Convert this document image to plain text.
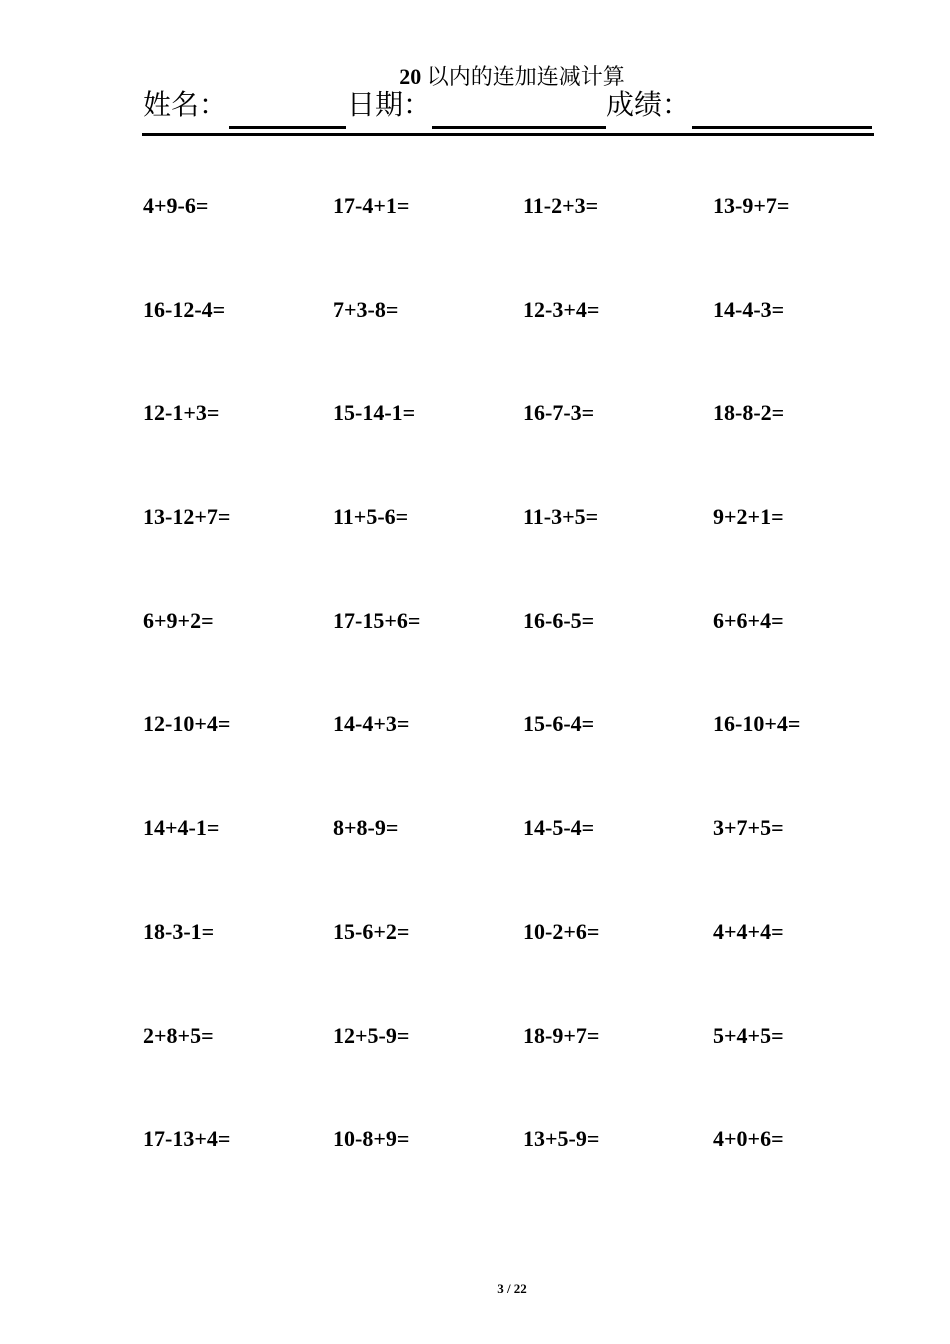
20 以内的连加连减计算
姓名：	日期：	成绩：
4+9-6=	17-4+1=	11-2+3=	13-9+7=
16-12-4=	7+3-8=	12-3+4=	14-4-3=
12-1+3=	15-14-1=	16-7-3=	18-8-2=
13-12+7=	11+5-6=	11-3+5=	9+2+1=
6+9+2=	17-15+6=	16-6-5=	6+6+4=
12-10+4=	14-4+3=	15-6-4=	16-10+4=
14+4-1=	8+8-9=	14-5-4=	3+7+5=
18-3-1=	15-6+2=	10-2+6=	4+4+4=
2+8+5=	12+5-9=	18-9+7=	5+4+5=
17-13+4=	10-8+9=	13+5-9=	4+0+6=
3 / 22
